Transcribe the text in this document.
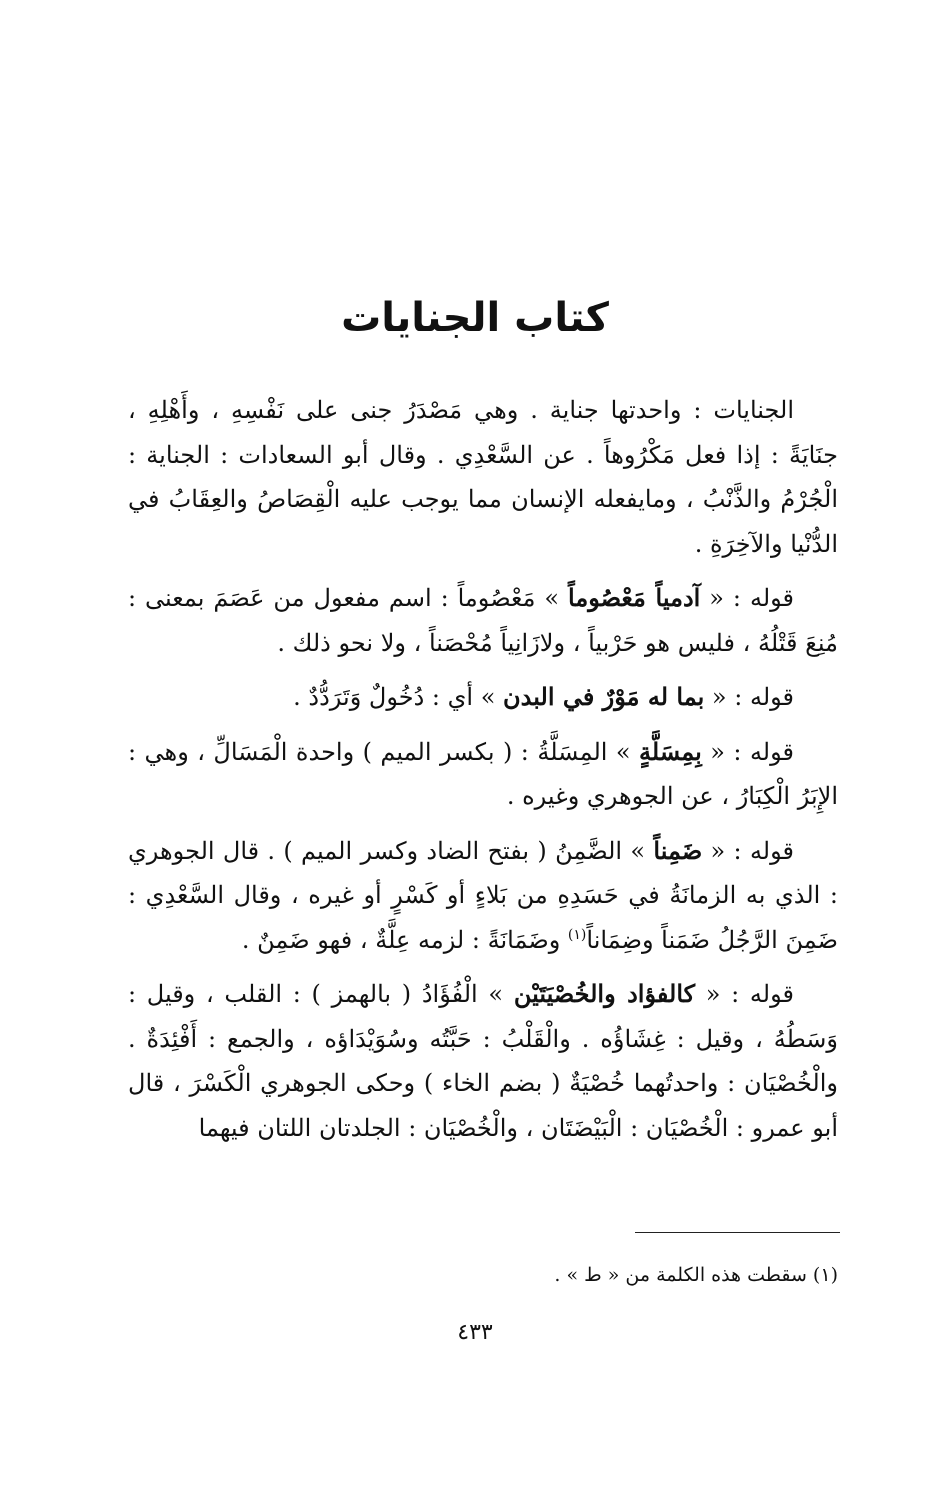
كتاب الجنايات

الجنايات : واحدتها جناية . وهي مَصْدَرُ جنى على نَفْسِهِ ، وأَهْلِهِ ، جنَايَةً : إذا فعل مَكْرُوهاً . عن السَّعْدِي . وقال أبو السعادات : الجناية : الْجُرْمُ والذَّنْبُ ، ومايفعله الإنسان مما يوجب عليه الْقِصَاصُ والعِقَابُ في الدُّنْيا والآخِرَةِ .

قوله : « آدمياً مَعْصُوماً » مَعْصُوماً : اسم مفعول من عَصَمَ بمعنى : مُنِعَ قَتْلُهُ ، فليس هو حَرْبياً ، ولازَانِياً مُحْصَناً ، ولا نحو ذلك .

قوله : « بما له مَوْرٌ في البدن » أي : دُخُولٌ وَتَرَدُّدٌ .

قوله : « بِمِسَلَّةٍ » المِسَلَّةُ : ( بكسر الميم ) واحدة الْمَسَالِّ ، وهي : الإِبَرُ الْكِبَارُ ، عن الجوهري وغيره .

قوله : « ضَمِناً » الضَّمِنُ ( بفتح الضاد وكسر الميم ) . قال الجوهري : الذي به الزمانَةُ في حَسَدِهِ من بَلاءٍ أو كَسْرٍ أو غيره ، وقال السَّعْدِي : ضَمِنَ الرَّجُلُ ضَمَناً وضِمَاناً$^{(١)}$ وضَمَانَةً : لزمه عِلَّةٌ ، فهو ضَمِنٌ .

قوله : « كالفؤاد والخُصْيَتَيْن » الْفُؤَادُ ( بالهمز ) : القلب ، وقيل : وَسَطُهُ ، وقيل : غِشَاؤُه . والْقَلْبُ : حَبَّتُه وسُوَيْدَاؤه ، والجمع : أَفْئِدَةٌ . والْخُصْيَان : واحدتُهما خُصْيَةٌ ( بضم الخاء ) وحكى الجوهري الْكَسْرَ ، قال أبو عمرو : الْخُصْيَان : الْبَيْضَتَان ، والْخُصْيَان : الجلدتان اللتان فيهما

(١) سقطت هذه الكلمة من « ط » .

٤٣٣
